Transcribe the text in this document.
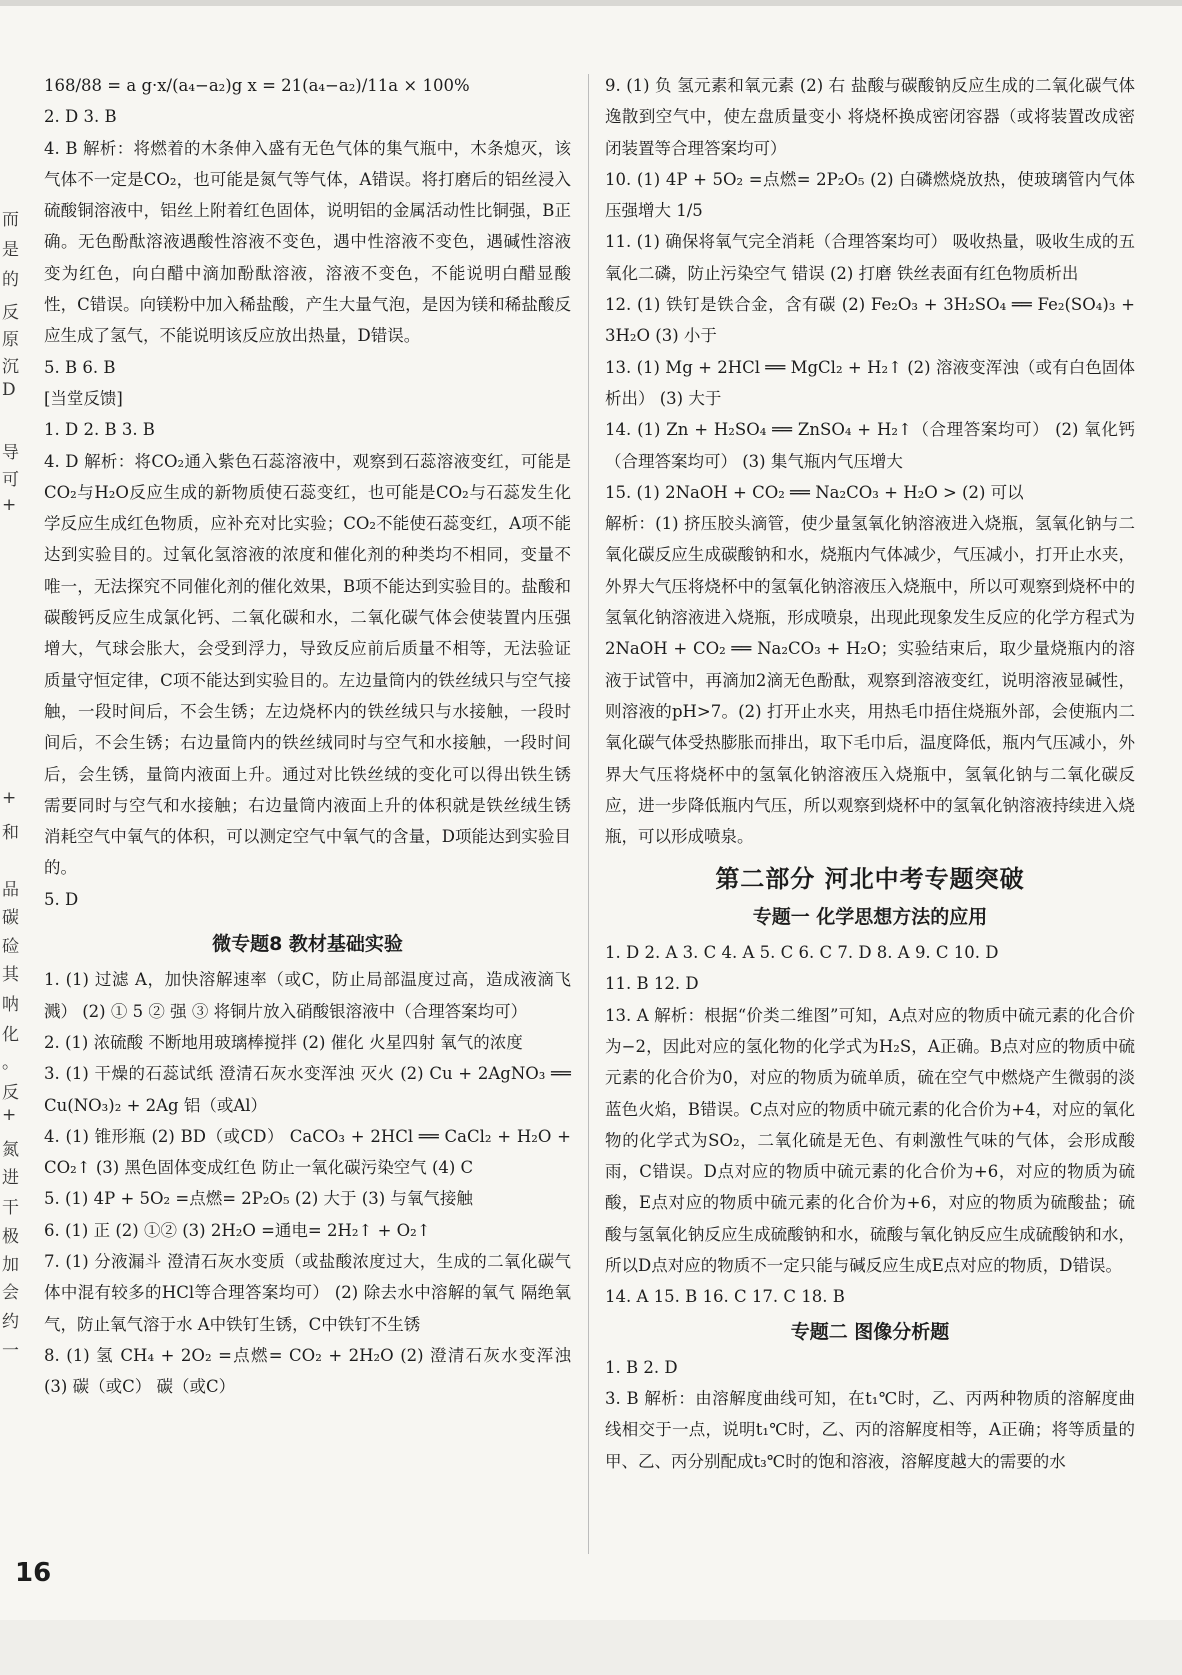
而
是
的
反
原
沉
D
导
可
+
+
和
品
碳
硷
其
呐
化
。
反
+
氮
进
干
极
加
会
约
一

168/88 = a g·x/(a₄−a₂)g x = 21(a₄−a₂)/11a × 100%

2. D 3. B

4. B 解析：将燃着的木条伸入盛有无色气体的集气瓶中，木条熄灭，该气体不一定是CO₂，也可能是氮气等气体，A错误。将打磨后的铝丝浸入硫酸铜溶液中，铝丝上附着红色固体，说明铝的金属活动性比铜强，B正确。无色酚酞溶液遇酸性溶液不变色，遇中性溶液不变色，遇碱性溶液变为红色，向白醋中滴加酚酞溶液，溶液不变色，不能说明白醋显酸性，C错误。向镁粉中加入稀盐酸，产生大量气泡，是因为镁和稀盐酸反应生成了氢气，不能说明该反应放出热量，D错误。

5. B 6. B

[当堂反馈]

1. D 2. B 3. B

4. D 解析：将CO₂通入紫色石蕊溶液中，观察到石蕊溶液变红，可能是CO₂与H₂O反应生成的新物质使石蕊变红，也可能是CO₂与石蕊发生化学反应生成红色物质，应补充对比实验；CO₂不能使石蕊变红，A项不能达到实验目的。过氧化氢溶液的浓度和催化剂的种类均不相同，变量不唯一，无法探究不同催化剂的催化效果，B项不能达到实验目的。盐酸和碳酸钙反应生成氯化钙、二氧化碳和水，二氧化碳气体会使装置内压强增大，气球会胀大，会受到浮力，导致反应前后质量不相等，无法验证质量守恒定律，C项不能达到实验目的。左边量筒内的铁丝绒只与空气接触，一段时间后，不会生锈；左边烧杯内的铁丝绒只与水接触，一段时间后，不会生锈；右边量筒内的铁丝绒同时与空气和水接触，一段时间后，会生锈，量筒内液面上升。通过对比铁丝绒的变化可以得出铁生锈需要同时与空气和水接触；右边量筒内液面上升的体积就是铁丝绒生锈消耗空气中氧气的体积，可以测定空气中氧气的含量，D项能达到实验目的。

5. D

微专题8 教材基础实验

1. (1) 过滤 A，加快溶解速率（或C，防止局部温度过高，造成液滴飞溅） (2) ① 5 ② 强 ③ 将铜片放入硝酸银溶液中（合理答案均可）

2. (1) 浓硫酸 不断地用玻璃棒搅拌 (2) 催化 火星四射 氧气的浓度

3. (1) 干燥的石蕊试纸 澄清石灰水变浑浊 灭火 (2) Cu + 2AgNO₃ ══ Cu(NO₃)₂ + 2Ag 铝（或Al）

4. (1) 锥形瓶 (2) BD（或CD） CaCO₃ + 2HCl ══ CaCl₂ + H₂O + CO₂↑ (3) 黑色固体变成红色 防止一氧化碳污染空气 (4) C

5. (1) 4P + 5O₂ =点燃= 2P₂O₅ (2) 大于 (3) 与氧气接触

6. (1) 正 (2) ①② (3) 2H₂O =通电= 2H₂↑ + O₂↑

7. (1) 分液漏斗 澄清石灰水变质（或盐酸浓度过大，生成的二氧化碳气体中混有较多的HCl等合理答案均可） (2) 除去水中溶解的氧气 隔绝氧气，防止氧气溶于水 A中铁钉生锈，C中铁钉不生锈

8. (1) 氢 CH₄ + 2O₂ =点燃= CO₂ + 2H₂O (2) 澄清石灰水变浑浊 (3) 碳（或C） 碳（或C）

9. (1) 负 氢元素和氧元素 (2) 右 盐酸与碳酸钠反应生成的二氧化碳气体逸散到空气中，使左盘质量变小 将烧杯换成密闭容器（或将装置改成密闭装置等合理答案均可）

10. (1) 4P + 5O₂ =点燃= 2P₂O₅ (2) 白磷燃烧放热，使玻璃管内气体压强增大 1/5

11. (1) 确保将氧气完全消耗（合理答案均可） 吸收热量，吸收生成的五氧化二磷，防止污染空气 错误 (2) 打磨 铁丝表面有红色物质析出

12. (1) 铁钉是铁合金，含有碳 (2) Fe₂O₃ + 3H₂SO₄ ══ Fe₂(SO₄)₃ + 3H₂O (3) 小于

13. (1) Mg + 2HCl ══ MgCl₂ + H₂↑ (2) 溶液变浑浊（或有白色固体析出） (3) 大于

14. (1) Zn + H₂SO₄ ══ ZnSO₄ + H₂↑（合理答案均可） (2) 氧化钙（合理答案均可） (3) 集气瓶内气压增大

15. (1) 2NaOH + CO₂ ══ Na₂CO₃ + H₂O > (2) 可以

解析：(1) 挤压胶头滴管，使少量氢氧化钠溶液进入烧瓶，氢氧化钠与二氧化碳反应生成碳酸钠和水，烧瓶内气体减少，气压减小，打开止水夹，外界大气压将烧杯中的氢氧化钠溶液压入烧瓶中，所以可观察到烧杯中的氢氧化钠溶液进入烧瓶，形成喷泉，出现此现象发生反应的化学方程式为2NaOH + CO₂ ══ Na₂CO₃ + H₂O；实验结束后，取少量烧瓶内的溶液于试管中，再滴加2滴无色酚酞，观察到溶液变红，说明溶液显碱性，则溶液的pH>7。(2) 打开止水夹，用热毛巾捂住烧瓶外部，会使瓶内二氧化碳气体受热膨胀而排出，取下毛巾后，温度降低，瓶内气压减小，外界大气压将烧杯中的氢氧化钠溶液压入烧瓶中，氢氧化钠与二氧化碳反应，进一步降低瓶内气压，所以观察到烧杯中的氢氧化钠溶液持续进入烧瓶，可以形成喷泉。

第二部分 河北中考专题突破
专题一 化学思想方法的应用

1. D 2. A 3. C 4. A 5. C 6. C 7. D 8. A 9. C 10. D

11. B 12. D

13. A 解析：根据“价类二维图”可知，A点对应的物质中硫元素的化合价为−2，因此对应的氢化物的化学式为H₂S，A正确。B点对应的物质中硫元素的化合价为0，对应的物质为硫单质，硫在空气中燃烧产生微弱的淡蓝色火焰，B错误。C点对应的物质中硫元素的化合价为+4，对应的氧化物的化学式为SO₂，二氧化硫是无色、有刺激性气味的气体，会形成酸雨，C错误。D点对应的物质中硫元素的化合价为+6，对应的物质为硫酸，E点对应的物质中硫元素的化合价为+6，对应的物质为硫酸盐；硫酸与氢氧化钠反应生成硫酸钠和水，硫酸与氧化钠反应生成硫酸钠和水，所以D点对应的物质不一定只能与碱反应生成E点对应的物质，D错误。

14. A 15. B 16. C 17. C 18. B

专题二 图像分析题

1. B 2. D

3. B 解析：由溶解度曲线可知，在t₁℃时，乙、丙两种物质的溶解度曲线相交于一点，说明t₁℃时，乙、丙的溶解度相等，A正确；将等质量的甲、乙、丙分别配成t₃℃时的饱和溶液，溶解度越大的需要的水

16
